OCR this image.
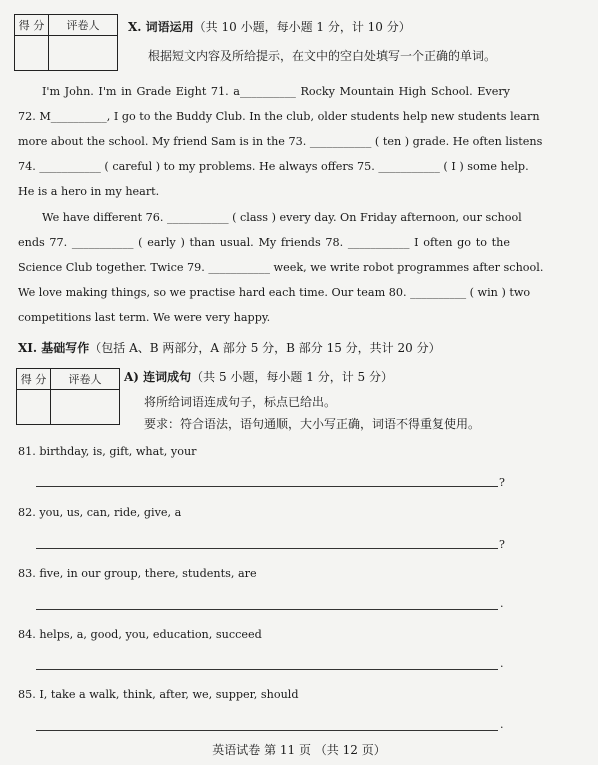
得 分	评卷人	X. 词语运用（共 10 小题，每小题 1 分，计 10 分）
根据短文内容及所给提示，在文中的空白处填写一个正确的单词。
I'm John. I'm in Grade Eight 71. a__________ Rocky Mountain High School. Every
72. M__________, I go to the Buddy Club. In the club, older students help new students learn
more about the school. My friend Sam is in the 73. ___________ ( ten ) grade. He often listens
74. ___________ ( careful ) to my problems. He always offers 75. ___________ ( I ) some help.
He is a hero in my heart.
We have different 76. ___________ ( class ) every day. On Friday afternoon, our school
ends 77. ___________ ( early ) than usual. My friends 78. ___________ I often go to the
Science Club together. Twice 79. ___________ week, we write robot programmes after school.
We love making things, so we practise hard each time. Our team 80. __________ ( win ) two
competitions last term. We were very happy.
XI. 基础写作（包括 A、B 两部分，A 部分 5 分，B 部分 15 分，共计 20 分）
得 分	评卷人	A) 连词成句（共 5 小题，每小题 1 分，计 5 分）
将所给词语连成句子，标点已给出。
要求：符合语法，语句通顺，大小写正确，词语不得重复使用。
81. birthday, is, gift, what, your
?
82. you, us, can, ride, give, a
?
83. five, in our group, there, students, are
.
84. helps, a, good, you, education, succeed
.
85. I, take a walk, think, after, we, supper, should
.
英语试卷 第 11 页 （共 12 页）
